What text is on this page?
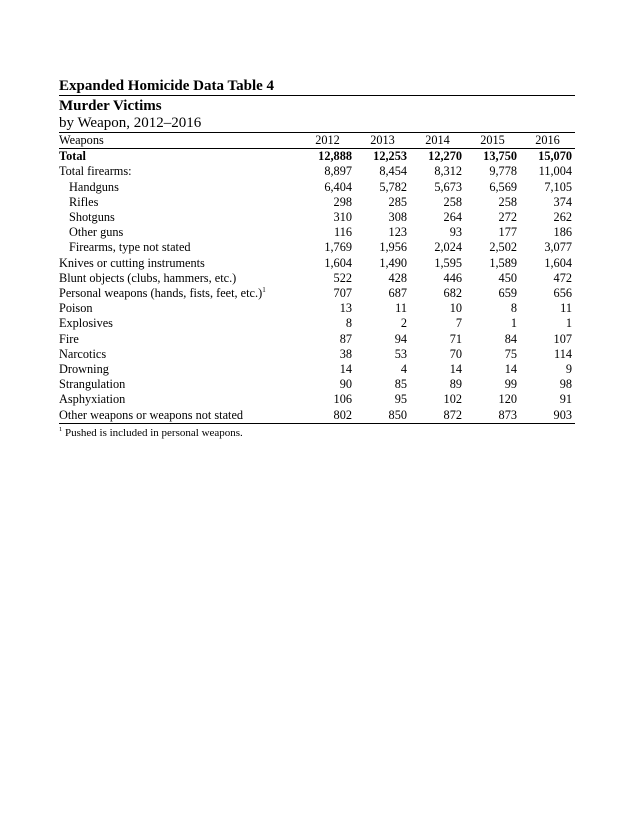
Expanded Homicide Data Table 4
Murder Victims
by Weapon, 2012–2016
Weapons	2012	2013	2014	2015	2016
Total	12,888	12,253	12,270	13,750	15,070
Total firearms:	8,897	8,454	8,312	9,778	11,004
Handguns	6,404	5,782	5,673	6,569	7,105
Rifles	298	285	258	258	374
Shotguns	310	308	264	272	262
Other guns	116	123	93	177	186
Firearms, type not stated	1,769	1,956	2,024	2,502	3,077
Knives or cutting instruments	1,604	1,490	1,595	1,589	1,604
Blunt objects (clubs, hammers, etc.)	522	428	446	450	472
Personal weapons (hands, fists, feet, etc.)$^1$	707	687	682	659	656
Poison	13	11	10	8	11
Explosives	8	2	7	1	1
Fire	87	94	71	84	107
Narcotics	38	53	70	75	114
Drowning	14	4	14	14	9
Strangulation	90	85	89	99	98
Asphyxiation	106	95	102	120	91
Other weapons or weapons not stated	802	850	872	873	903
$^1$ Pushed is included in personal weapons.
